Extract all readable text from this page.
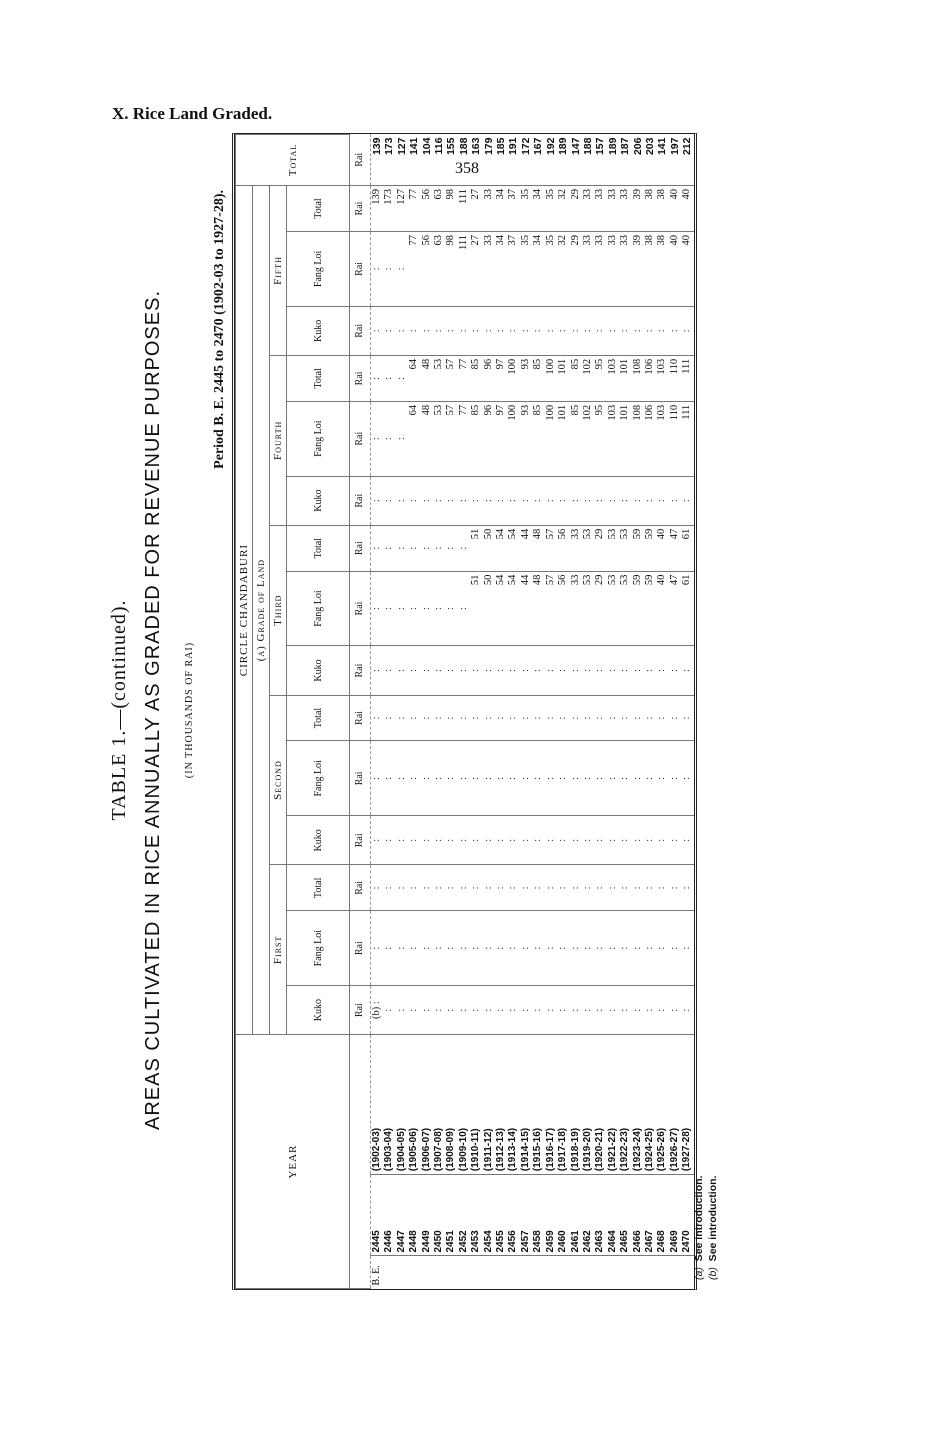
X. Rice Land Graded.
358
TABLE 1.—(continued). AREAS CULTIVATED IN RICE ANNUALLY AS GRADED FOR REVENUE PURPOSES. (IN THOUSANDS OF RAI)
Period B. E. 2445 to 2470 (1902-03 to 1927-28).
YEAR			CIRCLE CHANDABURI															Total
			(a) Grade of Land															
			First			Second			Third			Fourth			Fifth			
			Kuko	Fang Loi	Total	Kuko	Fang Loi	Total	Kuko	Fang Loi	Total	Kuko	Fang Loi	Total	Kuko	Fang Loi	Total	
			Rai	Rai	Rai	Rai	Rai	Rai	Rai	Rai	Rai	Rai	Rai	Rai	Rai	Rai	Rai	Rai
B. E.	2445	(1902-03)	(b) :	:	:	:	:	:	:	:	:	:	:	:	:	:	139	139
	2446	(1903-04)	:	:	:	:	:	:	:	:	:	:	:	:	:	:	173	173
	2447	(1904-05)	:	:	:	:	:	:	:	:	:	:	:	:	:	:	127	127
	2448	(1905-06)	:	:	:	:	:	:	:	:	:	:	64	64	:	77	77	141
	2449	(1906-07)	:	:	:	:	:	:	:	:	:	:	48	48	:	56	56	104
	2450	(1907-08)	:	:	:	:	:	:	:	:	:	:	53	53	:	63	63	116
	2451	(1908-09)	:	:	:	:	:	:	:	:	:	:	57	57	:	98	98	155
	2452	(1909-10)	:	:	:	:	:	:	:	:	:	:	77	77	:	111	111	188
	2453	(1910-11)	:	:	:	:	:	:	:	51	51	:	85	85	:	27	27	163
	2454	(1911-12)	:	:	:	:	:	:	:	50	50	:	96	96	:	33	33	179
	2455	(1912-13)	:	:	:	:	:	:	:	54	54	:	97	97	:	34	34	185
	2456	(1913-14)	:	:	:	:	:	:	:	54	54	:	100	100	:	37	37	191
	2457	(1914-15)	:	:	:	:	:	:	:	44	44	:	93	93	:	35	35	172
	2458	(1915-16)	:	:	:	:	:	:	:	48	48	:	85	85	:	34	34	167
	2459	(1916-17)	:	:	:	:	:	:	:	57	57	:	100	100	:	35	35	192
	2460	(1917-18)	:	:	:	:	:	:	:	56	56	:	101	101	:	32	32	189
	2461	(1918-19)	:	:	:	:	:	:	:	33	33	:	85	85	:	29	29	147
	2462	(1919-20)	:	:	:	:	:	:	:	53	53	:	102	102	:	33	33	188
	2463	(1920-21)	:	:	:	:	:	:	:	29	29	:	95	95	:	33	33	157
	2464	(1921-22)	:	:	:	:	:	:	:	53	53	:	103	103	:	33	33	189
	2465	(1922-23)	:	:	:	:	:	:	:	53	53	:	101	101	:	33	33	187
	2466	(1923-24)	:	:	:	:	:	:	:	59	59	:	108	108	:	39	39	206
	2467	(1924-25)	:	:	:	:	:	:	:	59	59	:	106	106	:	38	38	203
	2468	(1925-26)	:	:	:	:	:	:	:	40	40	:	103	103	:	38	38	141
	2469	(1926-27)	:	:	:	:	:	:	:	47	47	:	110	110	:	40	40	197
	2470	(1927-28)	:	:	:	:	:	:	:	61	61	:	111	111	:	40	40	212
(a)  See introduction.
(b)  See introduction.
